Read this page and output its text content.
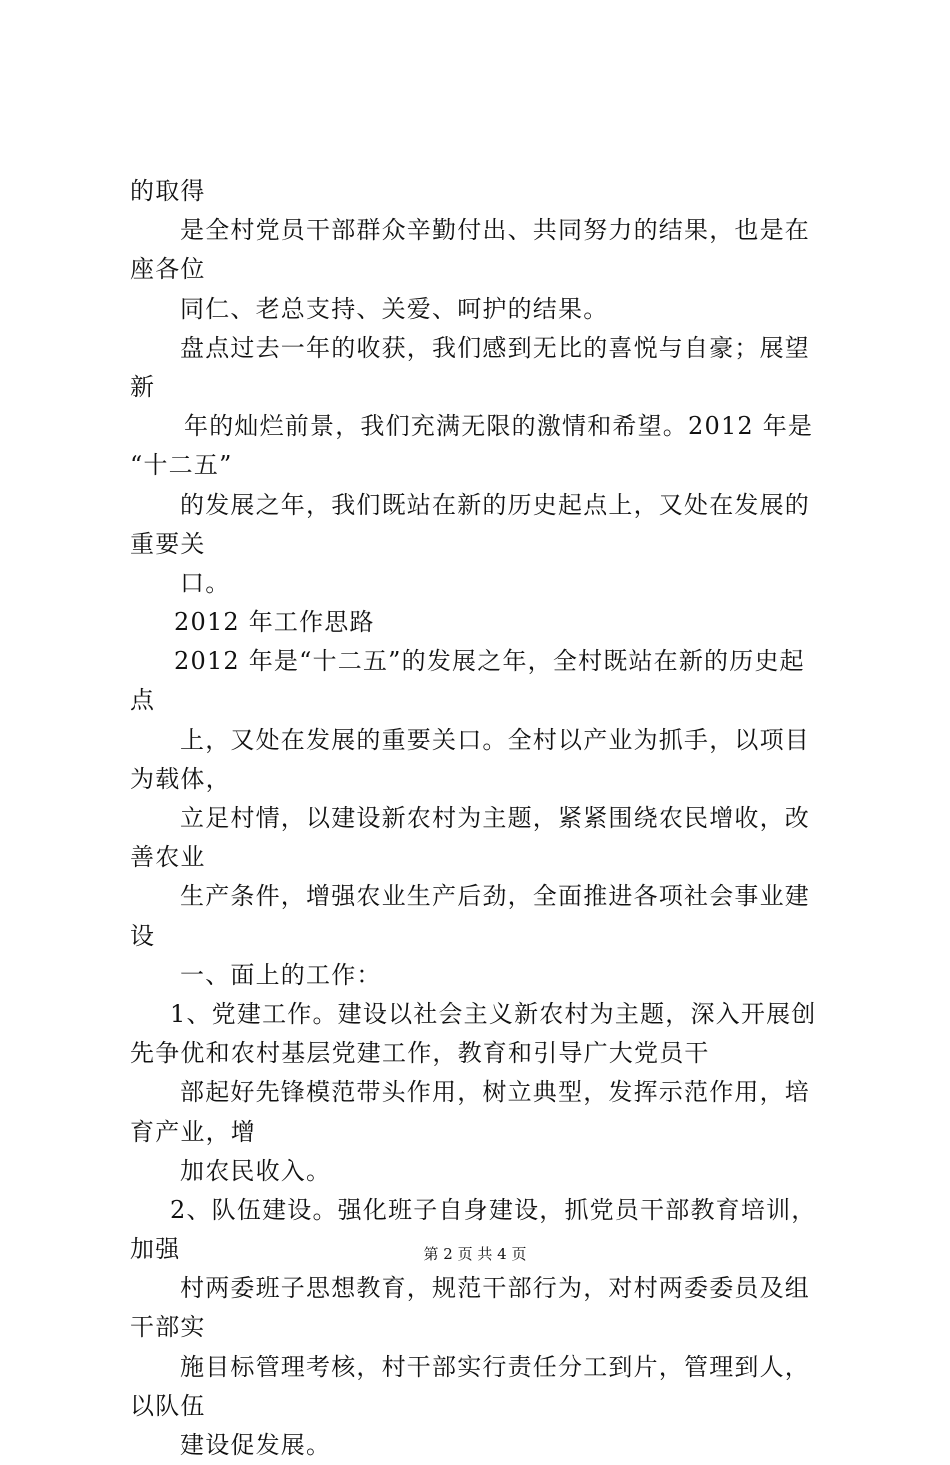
的取得
是全村党员干部群众辛勤付出、共同努力的结果，也是在
座各位
同仁、老总支持、关爱、呵护的结果。
盘点过去一年的收获，我们感到无比的喜悦与自豪；展望
新
年的灿烂前景，我们充满无限的激情和希望。2012 年是
“十二五”
的发展之年，我们既站在新的历史起点上，又处在发展的
重要关
口。
2012 年工作思路
2012 年是“十二五”的发展之年，全村既站在新的历史起
点
上，又处在发展的重要关口。全村以产业为抓手，以项目
为载体，
立足村情，以建设新农村为主题，紧紧围绕农民增收，改
善农业
生产条件，增强农业生产后劲，全面推进各项社会事业建
设
一、面上的工作：
1、党建工作。建设以社会主义新农村为主题，深入开展创
先争优和农村基层党建工作，教育和引导广大党员干
部起好先锋模范带头作用，树立典型，发挥示范作用，培
育产业，增
加农民收入。
2、队伍建设。强化班子自身建设，抓党员干部教育培训，
加强
村两委班子思想教育，规范干部行为，对村两委委员及组
干部实
施目标管理考核，村干部实行责任分工到片，管理到人，
以队伍
建设促发展。
第 2 页 共 4 页
